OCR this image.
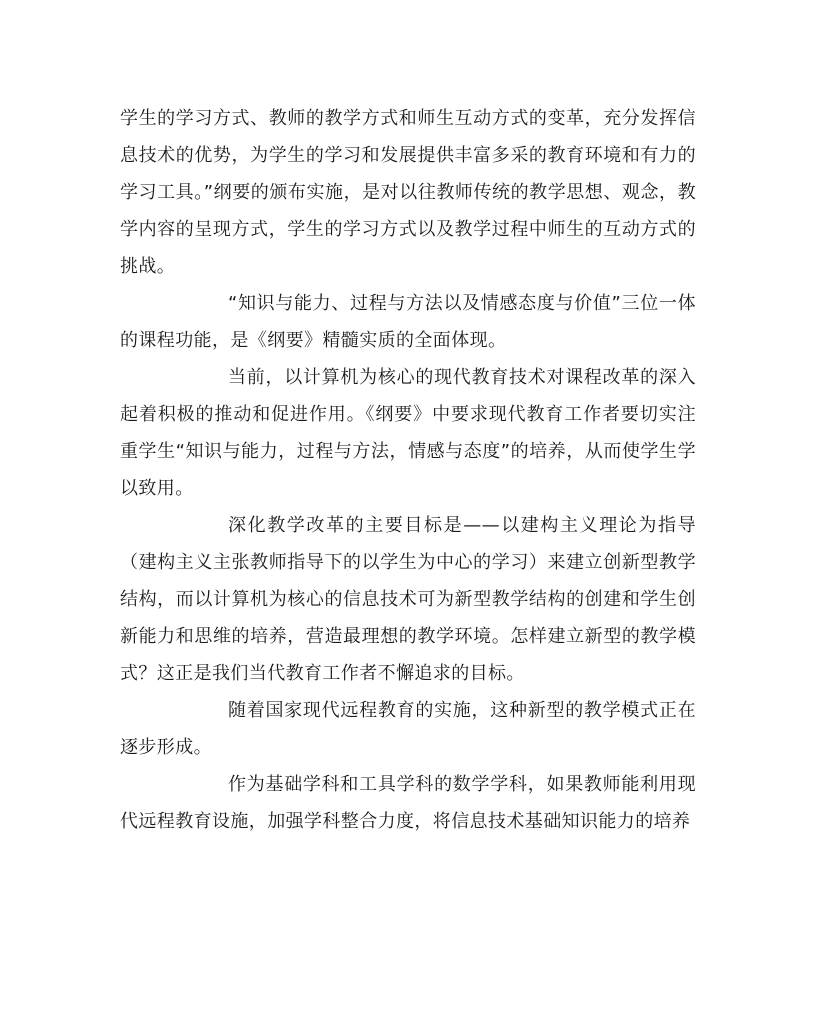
学生的学习方式、教师的教学方式和师生互动方式的变革，充分发挥信息技术的优势，为学生的学习和发展提供丰富多采的教育环境和有力的学习工具。”纲要的颁布实施，是对以往教师传统的教学思想、观念，教学内容的呈现方式，学生的学习方式以及教学过程中师生的互动方式的挑战。

“知识与能力、过程与方法以及情感态度与价值”三位一体的课程功能，是《纲要》精髓实质的全面体现。

当前，以计算机为核心的现代教育技术对课程改革的深入起着积极的推动和促进作用。《纲要》中要求现代教育工作者要切实注重学生“知识与能力，过程与方法，情感与态度”的培养，从而使学生学以致用。

深化教学改革的主要目标是——以建构主义理论为指导（建构主义主张教师指导下的以学生为中心的学习）来建立创新型教学结构，而以计算机为核心的信息技术可为新型教学结构的创建和学生创新能力和思维的培养，营造最理想的教学环境。怎样建立新型的教学模式？这正是我们当代教育工作者不懈追求的目标。

随着国家现代远程教育的实施，这种新型的教学模式正在逐步形成。

作为基础学科和工具学科的数学学科，如果教师能利用现代远程教育设施，加强学科整合力度，将信息技术基础知识能力的培养
